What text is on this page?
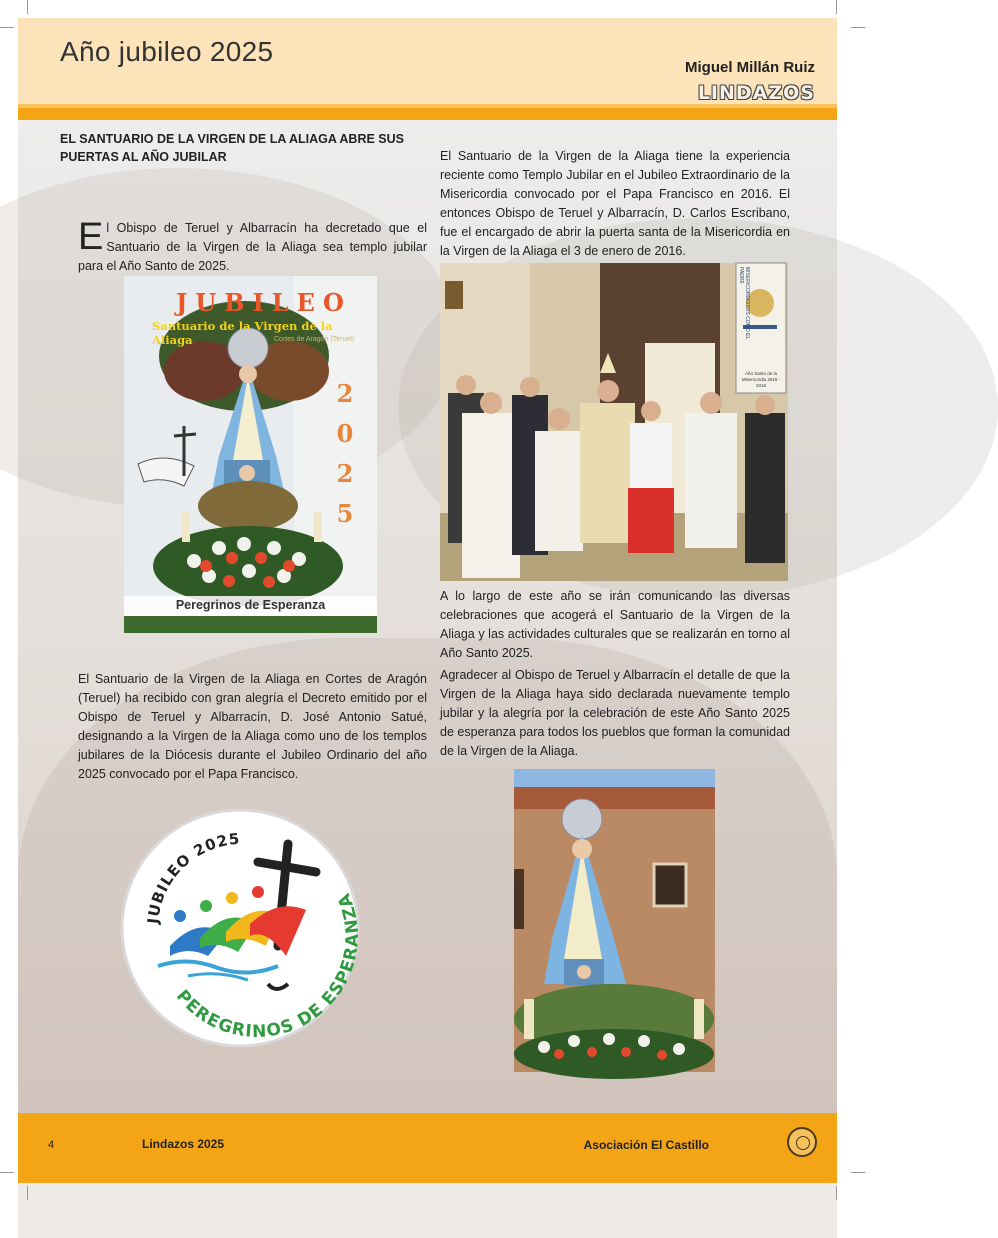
4	Lindazos 2025	Asociación El Castillo
Año jubileo 2025
Miguel Millán Ruiz
LINDAZOS
EL SANTUARIO DE LA VIRGEN DE LA ALIAGA ABRE SUS PUERTAS AL AÑO JUBILAR
El Obispo de Teruel y Albarracín ha decretado que el Santuario de la Virgen de la Aliaga sea templo jubilar para el Año Santo de 2025.
JUBILEO
Santuario de la Virgen de la Aliaga	Cortes de Aragón (Teruel)
2
0
2
5
Peregrinos de Esperanza
El Santuario de la Virgen de la Aliaga en Cortes de Aragón (Teruel) ha recibido con gran alegría el Decreto emitido por el Obispo de Teruel y Albarracín, D. José Antonio Satué, designando a la Virgen de la Aliaga como uno de los templos jubilares de la Diócesis durante el Jubileo Ordinario del año 2025 convocado por el Papa Francisco.
El Santuario de la Virgen de la Aliaga tiene la experiencia reciente como Templo Jubilar en el Jubileo Extraordinario de la Misericordia convocado por el Papa Francisco en 2016. El entonces Obispo de Teruel y Albarracín, D. Carlos Escribano, fue el encargado de abrir la puerta santa de la Misericordia en la Virgen de la Aliaga el 3 de enero de 2016.
MISERICORDIOSOS COMO EL PADRE
Año Santo de la Misericordia 2015 - 2016
A lo largo de este año se irán comunicando las diversas celebraciones que acogerá el Santuario de la Virgen de la Aliaga y las actividades culturales que se realizarán en torno al Año Santo 2025.
Agradecer al Obispo de Teruel y Albarracín el detalle de que la Virgen de la Aliaga haya sido declarada nuevamente templo jubilar y la alegría por la celebración de este Año Santo 2025 de esperanza para todos los pueblos que forman la comunidad de la Virgen de la Aliaga.
JUBILEO 2025
PEREGRINOS DE ESPERANZA
